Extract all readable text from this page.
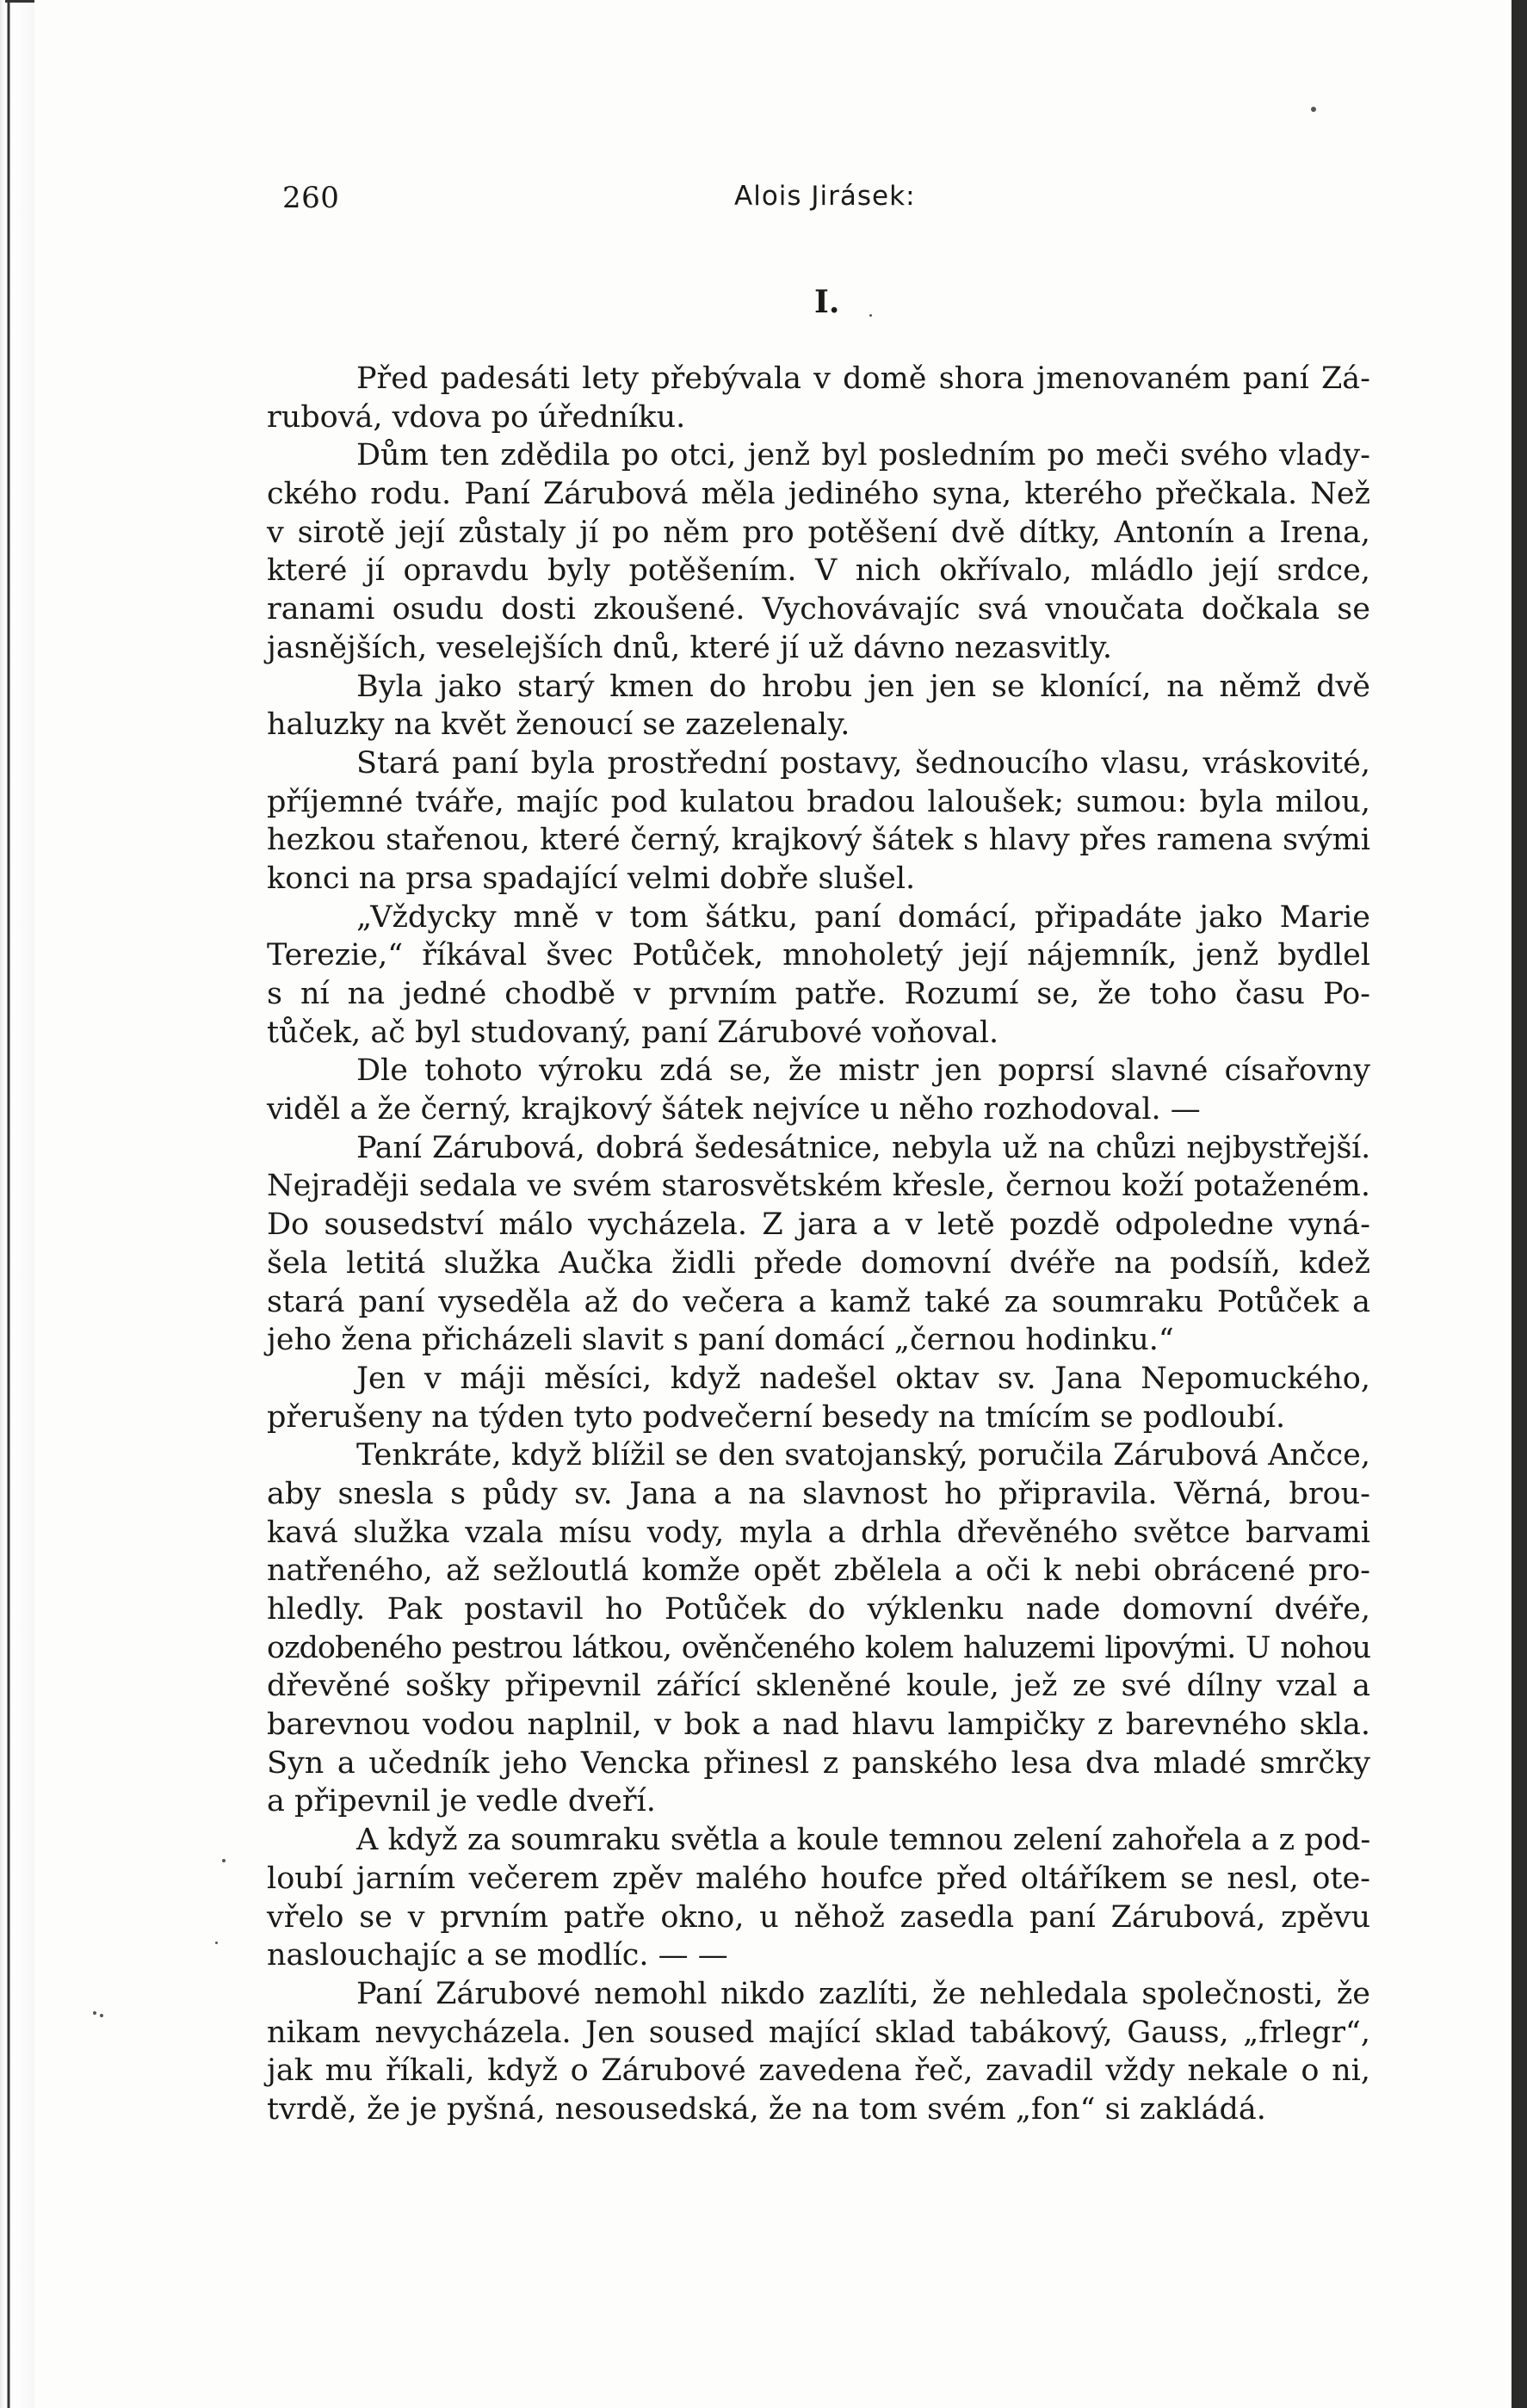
260	Alois Jirásek:
I.
Před padesáti lety přebývala v domě shora jmenovaném paní Zá-
rubová, vdova po úředníku.
Dům ten zdědila po otci, jenž byl posledním po meči svého vlady-
ckého rodu. Paní Zárubová měla jediného syna, kterého přečkala. Než
v sirotě její zůstaly jí po něm pro potěšení dvě dítky, Antonín a Irena,
které jí opravdu byly potěšením. V nich okřívalo, mládlo její srdce,
ranami osudu dosti zkoušené. Vychovávajíc svá vnoučata dočkala se
jasnějších, veselejších dnů, které jí už dávno nezasvitly.
Byla jako starý kmen do hrobu jen jen se klonící, na němž dvě
haluzky na květ ženoucí se zazelenaly.
Stará paní byla prostřední postavy, šednoucího vlasu, vráskovité,
příjemné tváře, majíc pod kulatou bradou laloušek; sumou: byla milou,
hezkou stařenou, které černý, krajkový šátek s hlavy přes ramena svými
konci na prsa spadající velmi dobře slušel.
„Vždycky mně v tom šátku, paní domácí, připadáte jako Marie
Terezie,“ říkával švec Potůček, mnoholetý její nájemník, jenž bydlel
s ní na jedné chodbě v prvním patře. Rozumí se, že toho času Po-
tůček, ač byl studovaný, paní Zárubové voňoval.
Dle tohoto výroku zdá se, že mistr jen poprsí slavné císařovny
viděl a že černý, krajkový šátek nejvíce u něho rozhodoval. —
Paní Zárubová, dobrá šedesátnice, nebyla už na chůzi nejbystřejší.
Nejraději sedala ve svém starosvětském křesle, černou koží potaženém.
Do sousedství málo vycházela. Z jara a v letě pozdě odpoledne vyná-
šela letitá služka Aučka židli přede domovní dvéře na podsíň, kdež
stará paní vyseděla až do večera a kamž také za soumraku Potůček a
jeho žena přicházeli slavit s paní domácí „černou hodinku.“
Jen v máji měsíci, když nadešel oktav sv. Jana Nepomuckého,
přerušeny na týden tyto podvečerní besedy na tmícím se podloubí.
Tenkráte, když blížil se den svatojanský, poručila Zárubová Ančce,
aby snesla s půdy sv. Jana a na slavnost ho připravila. Věrná, brou-
kavá služka vzala mísu vody, myla a drhla dřevěného světce barvami
natřeného, až sežloutlá komže opět zbělela a oči k nebi obrácené pro-
hledly. Pak postavil ho Potůček do výklenku nade domovní dvéře,
ozdobeného pestrou látkou, ověnčeného kolem haluzemi lipovými. U nohou
dřevěné sošky připevnil zářící skleněné koule, jež ze své dílny vzal a
barevnou vodou naplnil, v bok a nad hlavu lampičky z barevného skla.
Syn a učedník jeho Vencka přinesl z panského lesa dva mladé smrčky
a připevnil je vedle dveří.
A když za soumraku světla a koule temnou zelení zahořela a z pod-
loubí jarním večerem zpěv malého houfce před oltáříkem se nesl, ote-
vřelo se v prvním patře okno, u něhož zasedla paní Zárubová, zpěvu
naslouchajíc a se modlíc. — —
Paní Zárubové nemohl nikdo zazlíti, že nehledala společnosti, že
nikam nevycházela. Jen soused mající sklad tabákový, Gauss, „frlegr“,
jak mu říkali, když o Zárubové zavedena řeč, zavadil vždy nekale o ni,
tvrdě, že je pyšná, nesousedská, že na tom svém „fon“ si zakládá.
